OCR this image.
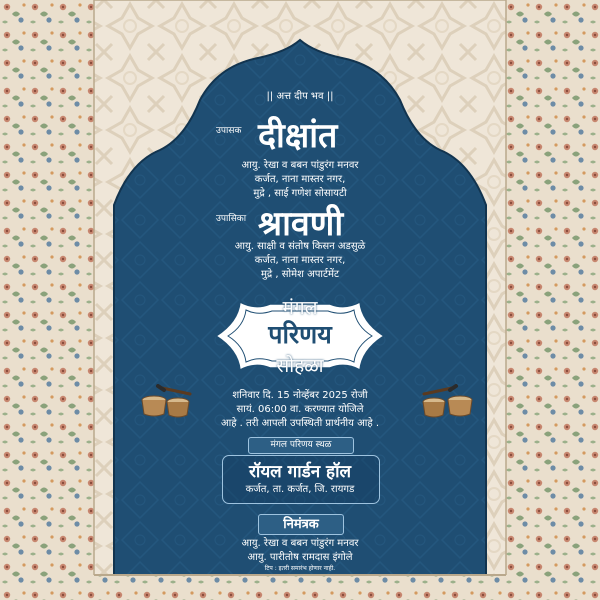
|| अत्त दीप भव ||
उपासक दीक्षांत
आयु. रेखा व बबन पांडुरंग मनवर
कर्जत, नाना मास्तर नगर,
मुद्रे , साई गणेश सोसायटी
उपासिका श्रावणी
आयु. साक्षी व संतोष किसन अडसुळे
कर्जत, नाना मास्तर नगर,
मुद्रे , सोमेश अपार्टमेंट
मंगल
परिणय
सोहळा
शनिवार दि. 15 नोव्हेंबर 2025 रोजी
सायं. 06:00 वा. करण्यात योजिले
आहे . तरी आपली उपस्थिती प्रार्थनीय आहे .
मंगल परिणय स्थळ
रॉयल गार्डन हॉल
कर्जत, ता. कर्जत, जि. रायगड
निमंत्रक
आयु. रेखा व बबन पांडुरंग मनवर
आयु. पारीतोष रामदास इंगोले
टिप : इतरी समारंभ होणार नाही.
